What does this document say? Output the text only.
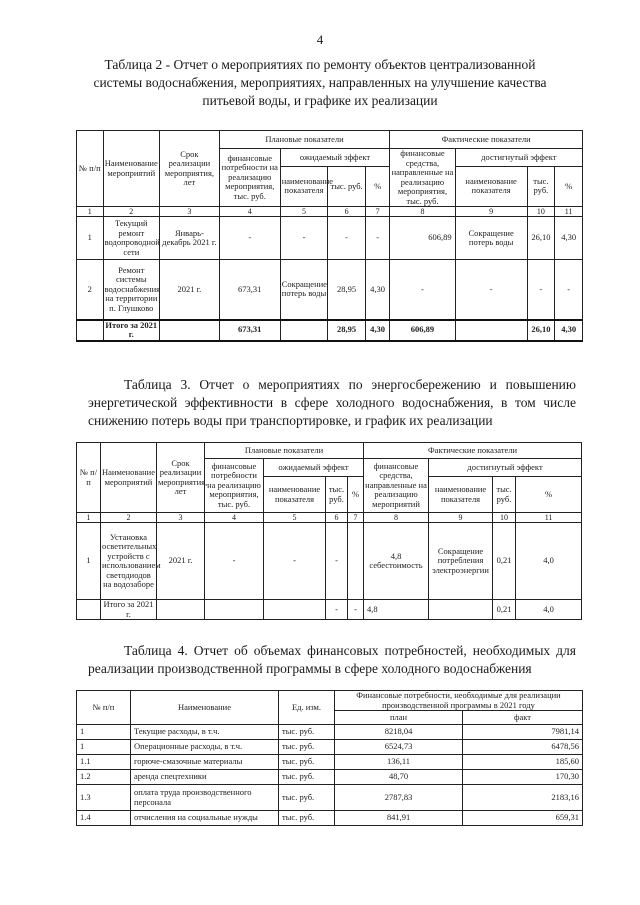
4
Таблица 2 - Отчет о мероприятиях по ремонту объектов централизованной системы водоснабжения, мероприятиях, направленных на улучшение качества питьевой воды, и графике их реализации
№ п/п	Наименование мероприятий	Срок реализации мероприятия, лет	Плановые показатели				Фактические показатели			
			финансовые потребности на реализацию мероприятия, тыс. руб.	ожидаемый эффект			финансовые средства, направленные на реализацию мероприятия, тыс. руб.	достигнутый эффект		
				наименование показателя	тыс. руб.	%		наименование показателя	тыс. руб.	%
1	2	3	4	5	6	7	8	9	10	11
1	Текущий ремонт водопроводной сети	Январь-декабрь 2021 г.	-	-	-	-	606,89	Сокращение потерь воды	26,10	4,30
2	Ремонт системы водоснабжения на территории п. Глушково	2021 г.	673,31	Сокращение потерь воды	28,95	4,30	-	-	-	-
	Итого за 2021 г.		673,31		28,95	4,30	606,89		26,10	4,30
Таблица 3. Отчет о мероприятиях по энергосбережению и повышению энергетической эффективности в сфере холодного водоснабжения, в том числе снижению потерь воды при транспортировке, и график их реализации
№ п/п	Наименование мероприятий	Срок реализации мероприятия, лет	Плановые показатели				Фактические показатели			
			финансовые потребности на реализацию мероприятия, тыс. руб.	ожидаемый эффект			финансовые средства, направленные на реализацию мероприятий	достигнутый эффект		
				наименование показателя	тыс. руб.	%		наименование показателя	тыс. руб.	%
1	2	3	4	5	6	7	8	9	10	11
1	Установка осветительных устройств с использованием светодиодов на водозаборе	2021 г.	-	-	-		4,8 себестоимость	Сокращение потребления электроэнергии	0,21	4,0
	Итого за 2021 г.				-	-	4,8		0,21	4,0
Таблица 4. Отчет об объемах финансовых потребностей, необходимых для реализации производственной программы в сфере холодного водоснабжения
№ п/п	Наименование	Ед. изм.	Финансовые потребности, необходимые для реализации производственной программы в 2021 году	
			план	факт
1	Текущие расходы, в т.ч.	тыс. руб.	8218,04	7981,14
1	Операционные расходы, в т.ч.	тыс. руб.	6524,73	6478,56
1.1	горюче-смазочные материалы	тыс. руб.	136,11	185,60
1.2	аренда спецтехники	тыс. руб.	48,70	170,30
1.3	оплата труда производственного персонала	тыс. руб.	2787,83	2183,16
1.4	отчисления на социальные нужды	тыс. руб.	841,91	659,31
